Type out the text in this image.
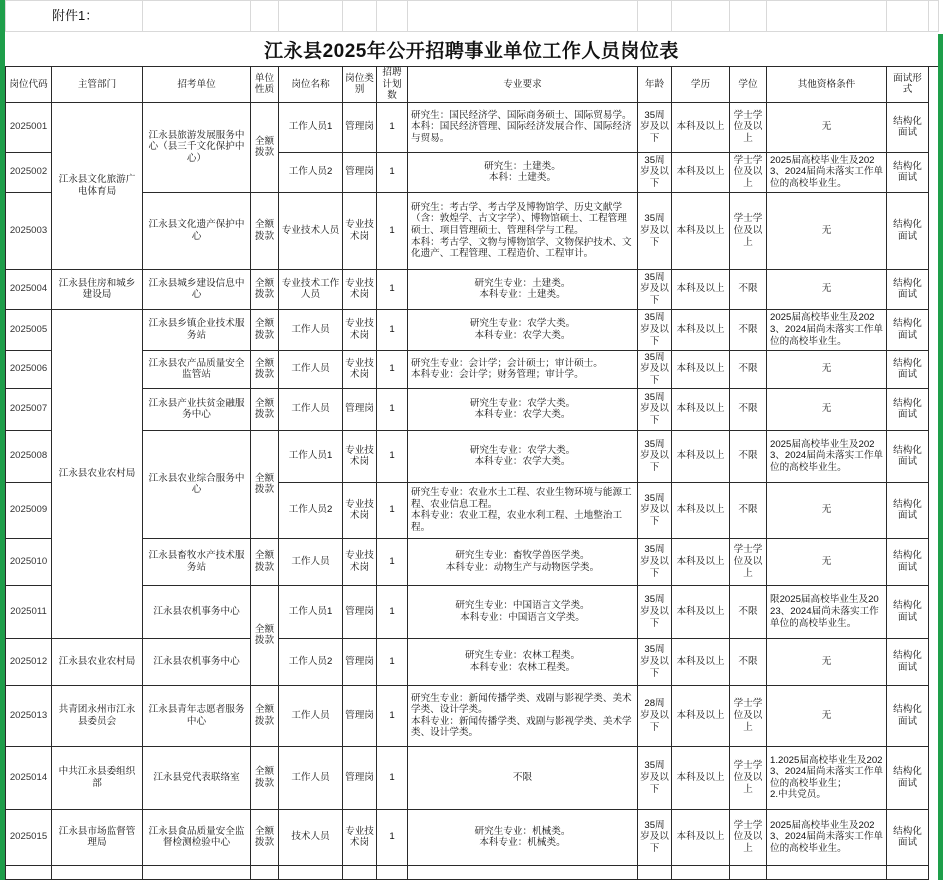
附件1：												
江永县2025年公开招聘事业单位工作人员岗位表
岗位代码	主管部门	招考单位	单位性质	岗位名称	岗位类别	招聘计划数	专业要求	年龄	学历	学位	其他资格条件	面试形式
2025001	江永县文化旅游广电体育局	江永县旅游发展服务中心（县三千文化保护中心）	全额拨款	工作人员1	管理岗	1	研究生：国民经济学、国际商务硕士、国际贸易学。
本科：国民经济管理、国际经济发展合作、国际经济与贸易。	35周岁及以下	本科及以上	学士学位及以上	无	结构化面试
2025002				工作人员2	管理岗	1	研究生：土建类。
本科：土建类。	35周岁及以下	本科及以上	学士学位及以上	2025届高校毕业生及2023、2024届尚未落实工作单位的高校毕业生。	结构化面试
2025003		江永县文化遗产保护中心	全额拨款	专业技术人员	专业技术岗	1	研究生：考古学、考古学及博物馆学、历史文献学（含：敦煌学、古文字学）、博物馆硕士、工程管理硕士、项目管理硕士、管理科学与工程。
本科：考古学、文物与博物馆学、文物保护技术、文化遗产、工程管理、工程造价、工程审计。	35周岁及以下	本科及以上	学士学位及以上	无	结构化面试
2025004	江永县住房和城乡建设局	江永县城乡建设信息中心	全额拨款	专业技术工作人员	专业技术岗	1	研究生专业：土建类。
本科专业：土建类。	35周岁及以下	本科及以上	不限	无	结构化面试
2025005	江永县农业农村局	江永县乡镇企业技术服务站	全额拨款	工作人员	专业技术岗	1	研究生专业：农学大类。
本科专业：农学大类。	35周岁及以下	本科及以上	不限	2025届高校毕业生及2023、2024届尚未落实工作单位的高校毕业生。	结构化面试
2025006		江永县农产品质量安全监管站	全额拨款	工作人员	专业技术岗	1	研究生专业：会计学；会计硕士；审计硕士。
本科专业：会计学；财务管理；审计学。	35周岁及以下	本科及以上	不限	无	结构化面试
2025007		江永县产业扶贫金融服务中心	全额拨款	工作人员	管理岗	1	研究生专业：农学大类。
本科专业：农学大类。	35周岁及以下	本科及以上	不限	无	结构化面试
2025008		江永县农业综合服务中心	全额拨款	工作人员1	专业技术岗	1	研究生专业：农学大类。
本科专业：农学大类。	35周岁及以下	本科及以上	不限	2025届高校毕业生及2023、2024届尚未落实工作单位的高校毕业生。	结构化面试
2025009				工作人员2	专业技术岗	1	研究生专业：农业水土工程、农业生物环境与能源工程、农业信息工程。
本科专业：农业工程，农业水利工程、土地整治工程。	35周岁及以下	本科及以上	不限	无	结构化面试
2025010		江永县畜牧水产技术服务站	全额拨款	工作人员	专业技术岗	1	研究生专业：畜牧学兽医学类。
本科专业：动物生产与动物医学类。	35周岁及以下	本科及以上	学士学位及以上	无	结构化面试
2025011		江永县农机事务中心	全额拨款	工作人员1	管理岗	1	研究生专业：中国语言文学类。
本科专业：中国语言文学类。	35周岁及以下	本科及以上	不限	限2025届高校毕业生及2023、2024届尚未落实工作单位的高校毕业生。	结构化面试
2025012	江永县农业农村局	江永县农机事务中心		工作人员2	管理岗	1	研究生专业：农林工程类。
本科专业：农林工程类。	35周岁及以下	本科及以上	不限	无	结构化面试
2025013	共青团永州市江永县委员会	江永县青年志愿者服务中心	全额拨款	工作人员	管理岗	1	研究生专业：新闻传播学类、戏剧与影视学类、美术学类、设计学类。
本科专业：新闻传播学类、戏剧与影视学类、美术学类、设计学类。	28周岁及以下	本科及以上	学士学位及以上	无	结构化面试
2025014	中共江永县委组织部	江永县党代表联络室	全额拨款	工作人员	管理岗	1	不限	35周岁及以下	本科及以上	学士学位及以上	1.2025届高校毕业生及2023、2024届尚未落实工作单位的高校毕业生；
2.中共党员。	结构化面试
2025015	江永县市场监督管理局	江永县食品质量安全监督检测检验中心	全额拨款	技术人员	专业技术岗	1	研究生专业：机械类。
本科专业：机械类。	35周岁及以下	本科及以上	学士学位及以上	2025届高校毕业生及2023、2024届尚未落实工作单位的高校毕业生。	结构化面试
